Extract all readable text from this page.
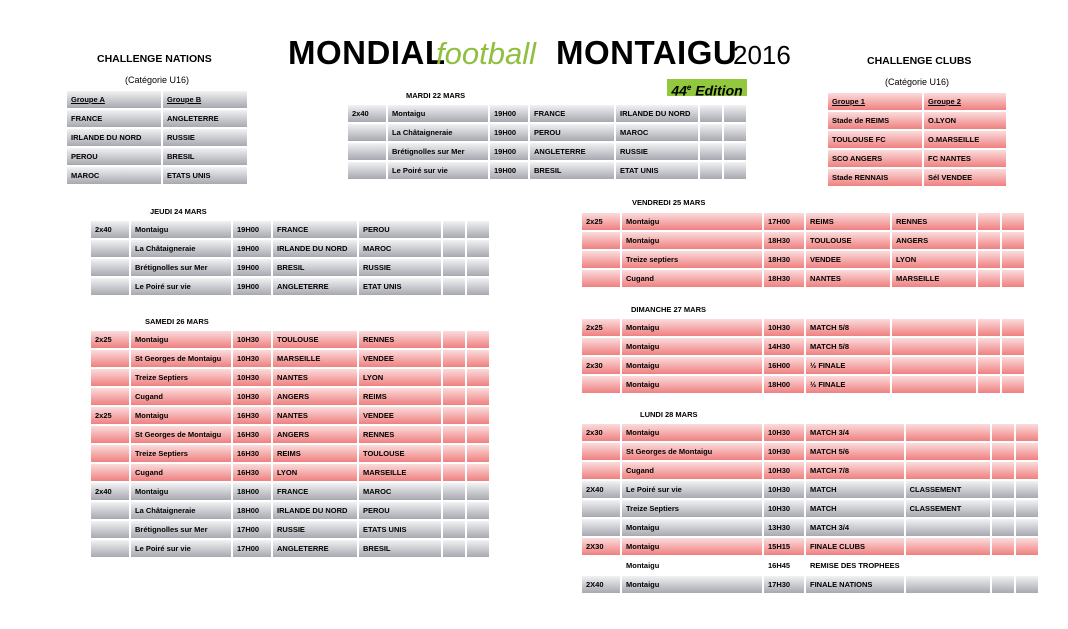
MONDIAL
football MONTAIGU
2016
44e Edition
CHALLENGE NATIONS
(Catégorie U16)
Groupe A	Groupe B
FRANCE	ANGLETERRE
IRLANDE DU NORD	RUSSIE
PEROU	BRESIL
MAROC	ETATS UNIS
CHALLENGE CLUBS
(Catégorie U16)
Groupe 1	Groupe 2
Stade de REIMS	O.LYON
TOULOUSE FC	O.MARSEILLE
SCO ANGERS	FC NANTES
Stade RENNAIS	Sél VENDEE
MARDI 22 MARS
JEUDI 24 MARS
SAMEDI 26 MARS
VENDREDI 25 MARS
DIMANCHE 27 MARS
LUNDI 28 MARS
2x40	Montaigu	19H00	FRANCE	IRLANDE DU NORD		
	La Châtaigneraie	19H00	PEROU	MAROC		
	Brétignolles sur Mer	19H00	ANGLETERRE	RUSSIE		
	Le Poiré sur vie	19H00	BRESIL	ETAT UNIS		
2x40	Montaigu	19H00	FRANCE	PEROU		
	La Châtaigneraie	19H00	IRLANDE DU NORD	MAROC		
	Brétignolles sur Mer	19H00	BRESIL	RUSSIE		
	Le Poiré sur vie	19H00	ANGLETERRE	ETAT UNIS		
2x25	Montaigu	10H30	TOULOUSE	RENNES		
	St Georges de Montaigu	10H30	MARSEILLE	VENDEE		
	Treize Septiers	10H30	NANTES	LYON		
	Cugand	10H30	ANGERS	REIMS		
2x25	Montaigu	16H30	NANTES	VENDEE		
	St Georges de Montaigu	16H30	ANGERS	RENNES		
	Treize Septiers	16H30	REIMS	TOULOUSE		
	Cugand	16H30	LYON	MARSEILLE		
2x40	Montaigu	18H00	FRANCE	MAROC		
	La Châtaigneraie	18H00	IRLANDE DU NORD	PEROU		
	Brétignolles sur Mer	17H00	RUSSIE	ETATS UNIS		
	Le Poiré sur vie	17H00	ANGLETERRE	BRESIL		
2x25	Montaigu	17H00	REIMS	RENNES		
	Montaigu	18H30	TOULOUSE	ANGERS		
	Treize septiers	18H30	VENDEE	LYON		
	Cugand	18H30	NANTES	MARSEILLE		
2x25	Montaigu	10H30	MATCH 5/8			
	Montaigu	14H30	MATCH 5/8			
2x30	Montaigu	16H00	½ FINALE			
	Montaigu	18H00	½ FINALE			
2x30	Montaigu	10H30	MATCH 3/4			
	St Georges de Montaigu	10H30	MATCH 5/6			
	Cugand	10H30	MATCH 7/8			
2X40	Le Poiré sur vie	10H30	MATCH	CLASSEMENT		
	Treize Septiers	10H30	MATCH	CLASSEMENT		
	Montaigu	13H30	MATCH 3/4			
2X30	Montaigu	15H15	FINALE CLUBS			
	Montaigu	16H45	REMISE DES TROPHEES			
2X40	Montaigu	17H30	FINALE NATIONS			
